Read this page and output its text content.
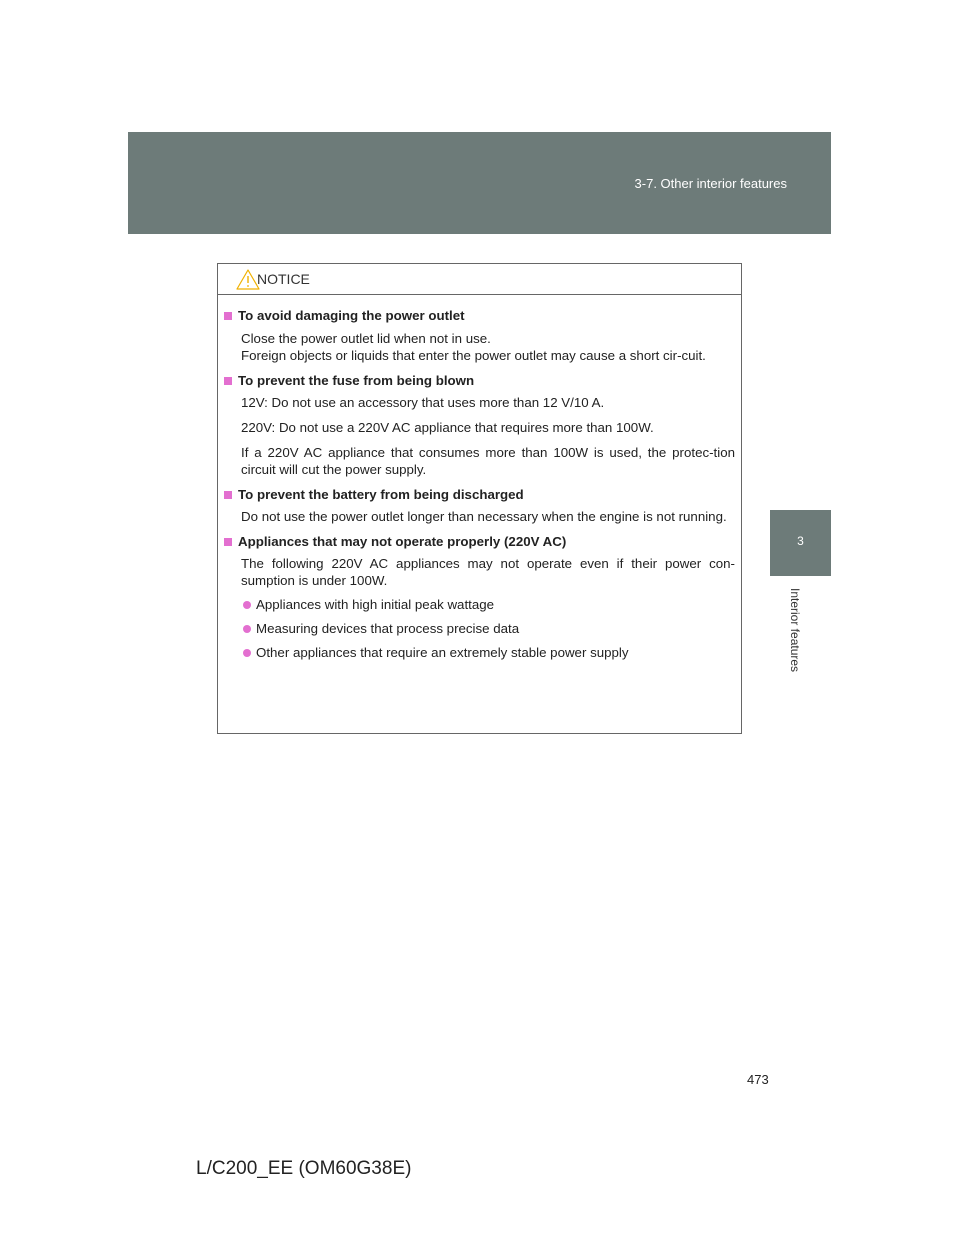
3-7. Other interior features
3
Interior features
NOTICE
To avoid damaging the power outlet
Close the power outlet lid when not in use.
Foreign objects or liquids that enter the power outlet may cause a short cir-cuit.
To prevent the fuse from being blown
12V: Do not use an accessory that uses more than 12 V/10 A.
220V: Do not use a 220V AC appliance that requires more than 100W.
If a 220V AC appliance that consumes more than 100W is used, the protec-tion circuit will cut the power supply.
To prevent the battery from being discharged
Do not use the power outlet longer than necessary when the engine is not running.
Appliances that may not operate properly (220V AC)
The following 220V AC appliances may not operate even if their power con-sumption is under 100W.
Appliances with high initial peak wattage
Measuring devices that process precise data
Other appliances that require an extremely stable power supply
473
L/C200_EE (OM60G38E)
